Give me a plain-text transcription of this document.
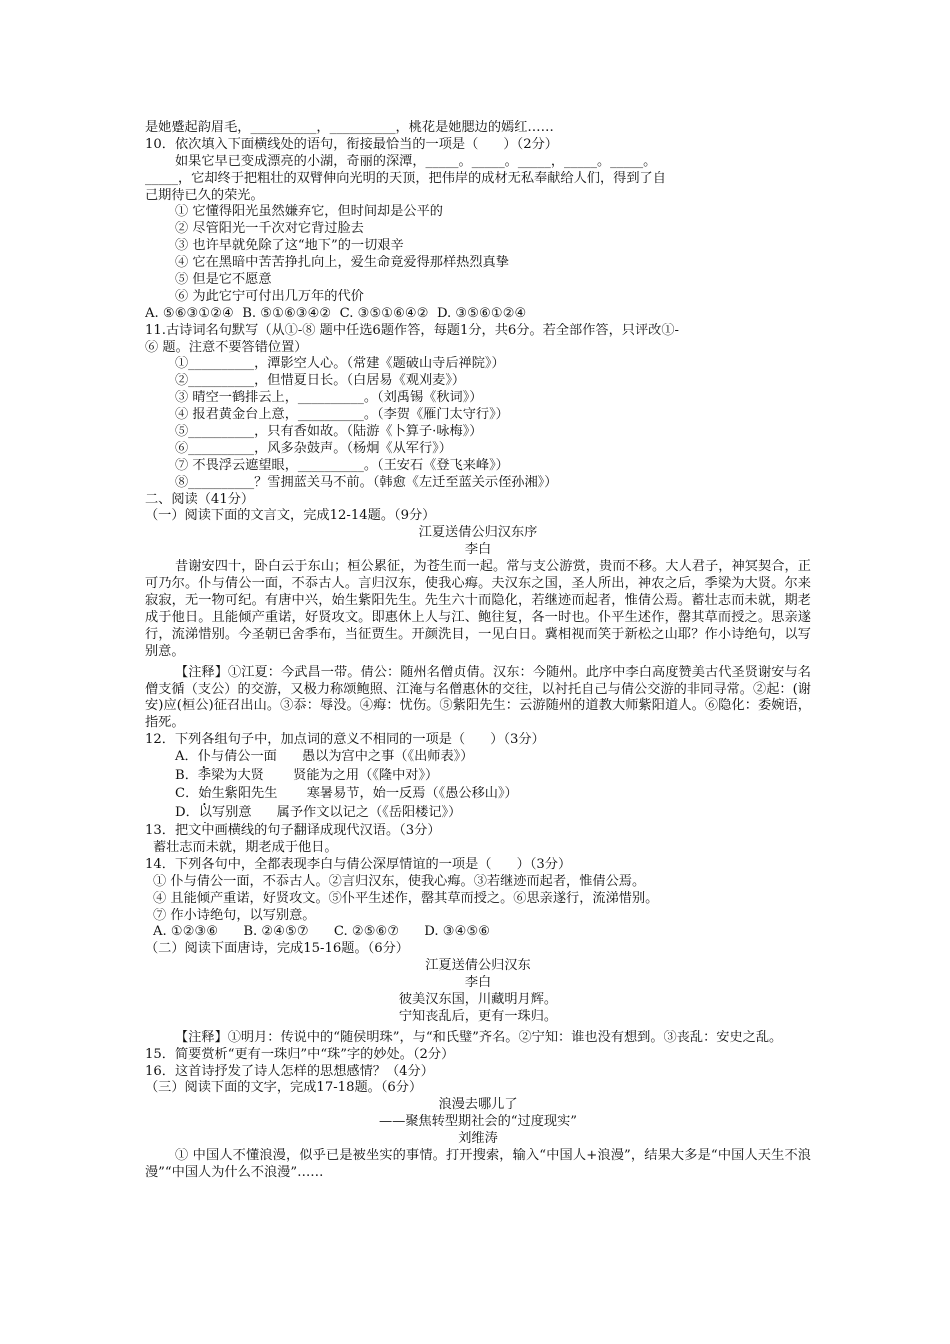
是她蹙起韵眉毛，__________，__________，桃花是她腮边的嫣红……
10．依次填入下面横线处的语句，衔接最恰当的一项是（      ）（2分）
如果它早已变成漂亮的小湖，奇丽的深潭，_____。_____。_____，_____。_____。
_____，它却终于把粗壮的双臂伸向光明的天顶，把伟岸的成材无私奉献给人们，得到了自
己期待已久的荣光。
① 它懂得阳光虽然嫌弃它，但时间却是公平的
② 尽管阳光一千次对它背过脸去
③ 也许早就免除了这“地下”的一切艰辛
④ 它在黑暗中苦苦挣扎向上，爱生命竟爱得那样热烈真挚
⑤ 但是它不愿意
⑥ 为此它宁可付出几万年的代价
A. ⑤⑥③①②④  B. ⑤①⑥③④②  C. ③⑤①⑥④②  D. ③⑤⑥①②④
11.古诗词名句默写（从①-⑧ 题中任选6题作答，每题1分，共6分。若全部作答，只评改①-
⑥ 题。注意不要答错位置）
①__________，潭影空人心。（常建《题破山寺后禅院》）
②__________，但惜夏日长。（白居易《观刈麦》）
③ 晴空一鹤排云上，__________。（刘禹锡《秋词》）
④ 报君黄金台上意，__________。（李贺《雁门太守行》）
⑤__________，只有香如故。（陆游《卜算子·咏梅》）
⑥__________，风多杂鼓声。（杨炯《从军行》）
⑦ 不畏浮云遮望眼，__________。（王安石《登飞来峰》）
⑧__________？雪拥蓝关马不前。（韩愈《左迁至蓝关示侄孙湘》）
二、阅读（41分）
（一）阅读下面的文言文，完成12-14题。（9分）
江夏送倩公归汉东序
李白
昔谢安四十，卧白云于东山；桓公累征，为苍生而一起。常与支公游赏，贵而不移。大人君子，神冥契合，正可乃尔。仆与倩公一面，不忝古人。言归汉东，使我心痗。夫汉东之国，圣人所出，神农之后，季梁为大贤。尔来寂寂，无一物可纪。有唐中兴，始生紫阳先生。先生六十而隐化，若继迹而起者，惟倩公焉。蓄壮志而未就，期老成于他日。且能倾产重诺，好贤攻文。即惠休上人与江、鲍往复，各一时也。仆平生述作，罄其草而授之。思亲遂行，流涕惜别。今圣朝已舍季布，当征贾生。开颜洗目，一见白日。冀相视而笑于新松之山耶？作小诗绝句，以写别意。
【注释】①江夏：今武昌一带。倩公：随州名僧贞倩。汉东：今随州。此序中李白高度赞美古代圣贤谢安与名僧支循（支公）的交游，又极力称颂鲍照、江淹与名僧惠休的交往，以衬托自己与倩公交游的非同寻常。②起：(谢安)应(桓公)征召出山。③忝：辱没。④痗：忧伤。⑤紫阳先生：云游随州的道教大师紫阳道人。⑥隐化：委婉语，指死。
12．下列各组句子中，加点词的意义不相同的一项是（      ）（3分）
A．仆与倩公一面      愚以为宫中之事（《出师表》）
B．季梁为大贤       贤能为之用（《隆中对》）
C．始生紫阳先生       寒暑易节，始一反焉（《愚公移山》）
D．以写别意      属予作文以记之（《岳阳楼记》）
13．把文中画横线的句子翻译成现代汉语。（3分）
蓄壮志而未就，期老成于他日。
14．下列各句中，全都表现李白与倩公深厚情谊的一项是（      ）（3分）
① 仆与倩公一面，不忝古人。②言归汉东，使我心痗。③若继迹而起者，惟倩公焉。
④ 且能倾产重诺，好贤攻文。⑤仆平生述作，罄其草而授之。⑥思亲遂行，流涕惜别。
⑦ 作小诗绝句，以写别意。
A. ①②③⑥      B. ②④⑤⑦      C. ②⑤⑥⑦      D. ③④⑤⑥
（二）阅读下面唐诗，完成15-16题。（6分）
江夏送倩公归汉东
李白
彼美汉东国，川藏明月辉。
宁知丧乱后，更有一珠归。
【注释】①明月：传说中的“随侯明珠”，与“和氏璧”齐名。②宁知：谁也没有想到。③丧乱：安史之乱。
15．简要赏析“更有一珠归”中“珠”字的妙处。（2分）
16．这首诗抒发了诗人怎样的思想感情？（4分）
（三）阅读下面的文字，完成17-18题。（6分）
浪漫去哪儿了
——聚焦转型期社会的“过度现实”
刘维涛
① 中国人不懂浪漫，似乎已是被坐实的事情。打开搜索，输入“中国人+浪漫”，结果大多是“中国人天生不浪漫”“中国人为什么不浪漫”……
